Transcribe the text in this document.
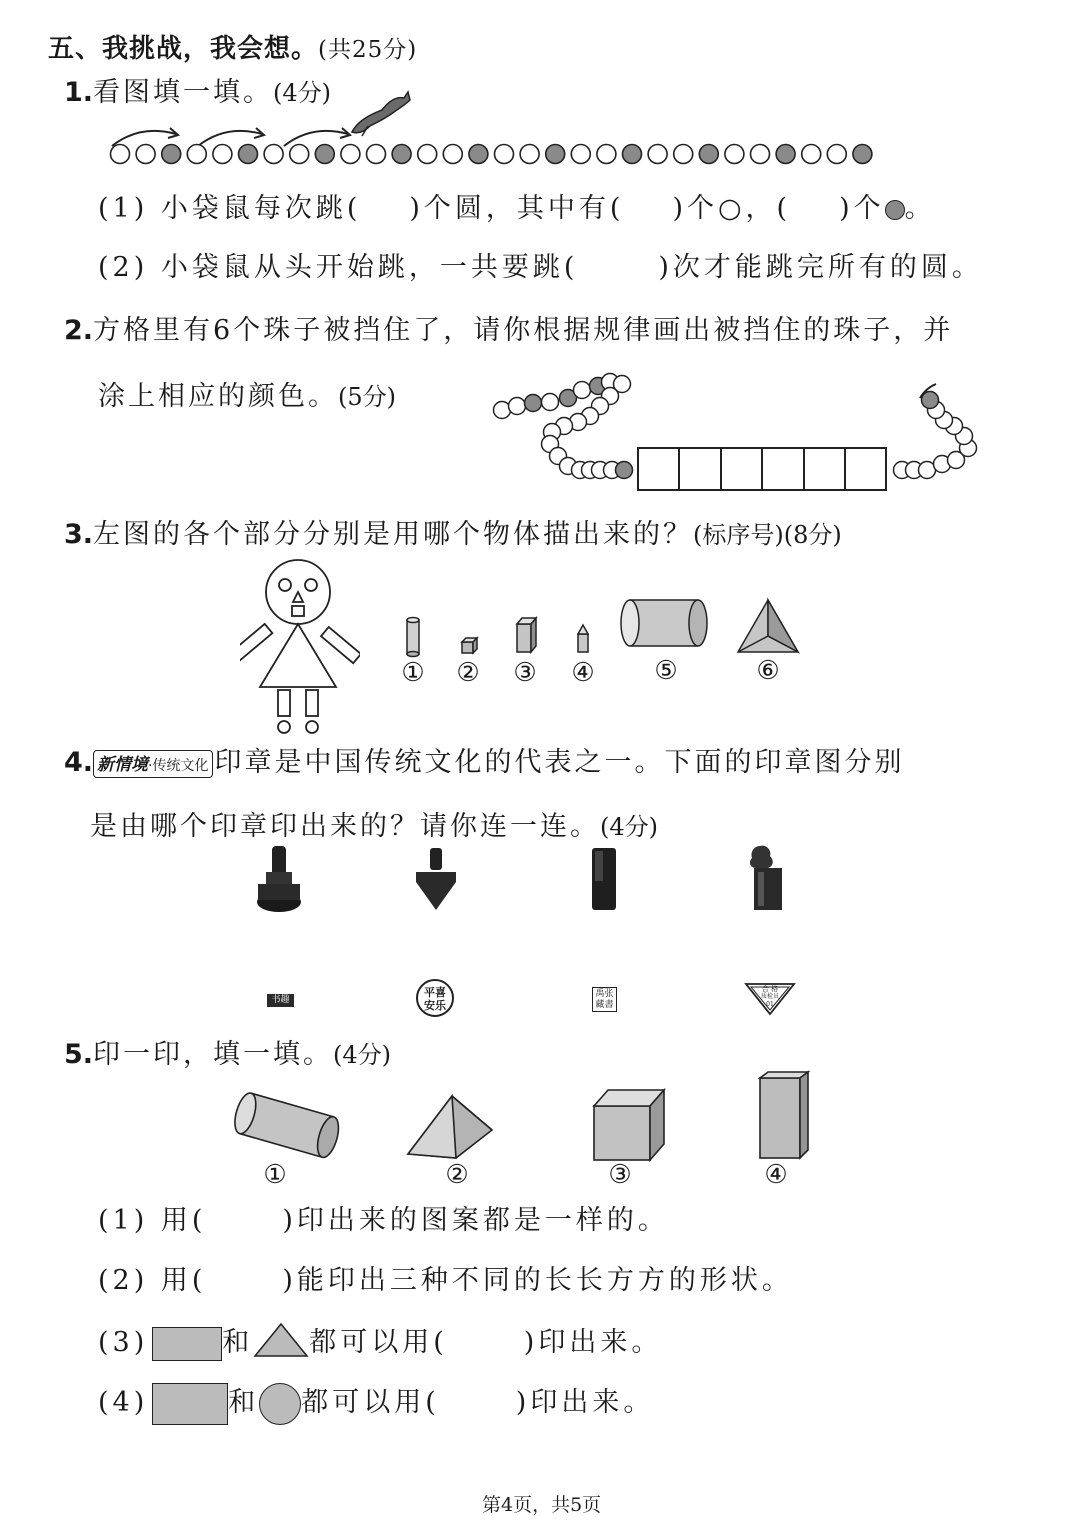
五、我挑战，我会想。(共25分)
1.看图填一填。(4分)
(1) 小袋鼠每次跳( )个圆，其中有( )个○，( )个 。
(2) 小袋鼠从头开始跳，一共要跳(	)次才能跳完所有的圆。
2.方格里有6个珠子被挡住了，请你根据规律画出被挡住的珠子，并
涂上相应的颜色。(5分)
3.左图的各个部分分别是用哪个物体描出来的？(标序号)(8分)
①	②	③	④	⑤	⑥
4. 新情境·传统文化 印章是中国传统文化的代表之一。下面的印章图分别
是由哪个印章印出来的？请你连一连。(4分)
书趣
平喜
安乐
禹张
藏書
合 格
质检员
01
5.印一印，填一填。(4分)
①	②	③	④
(1) 用(	)印出来的图案都是一样的。
(2) 用(	)能印出三种不同的长长方方的形状。
(3)	和 都可以用(	)印出来。
(4)	和 都可以用(	)印出来。
第4页，共5页
